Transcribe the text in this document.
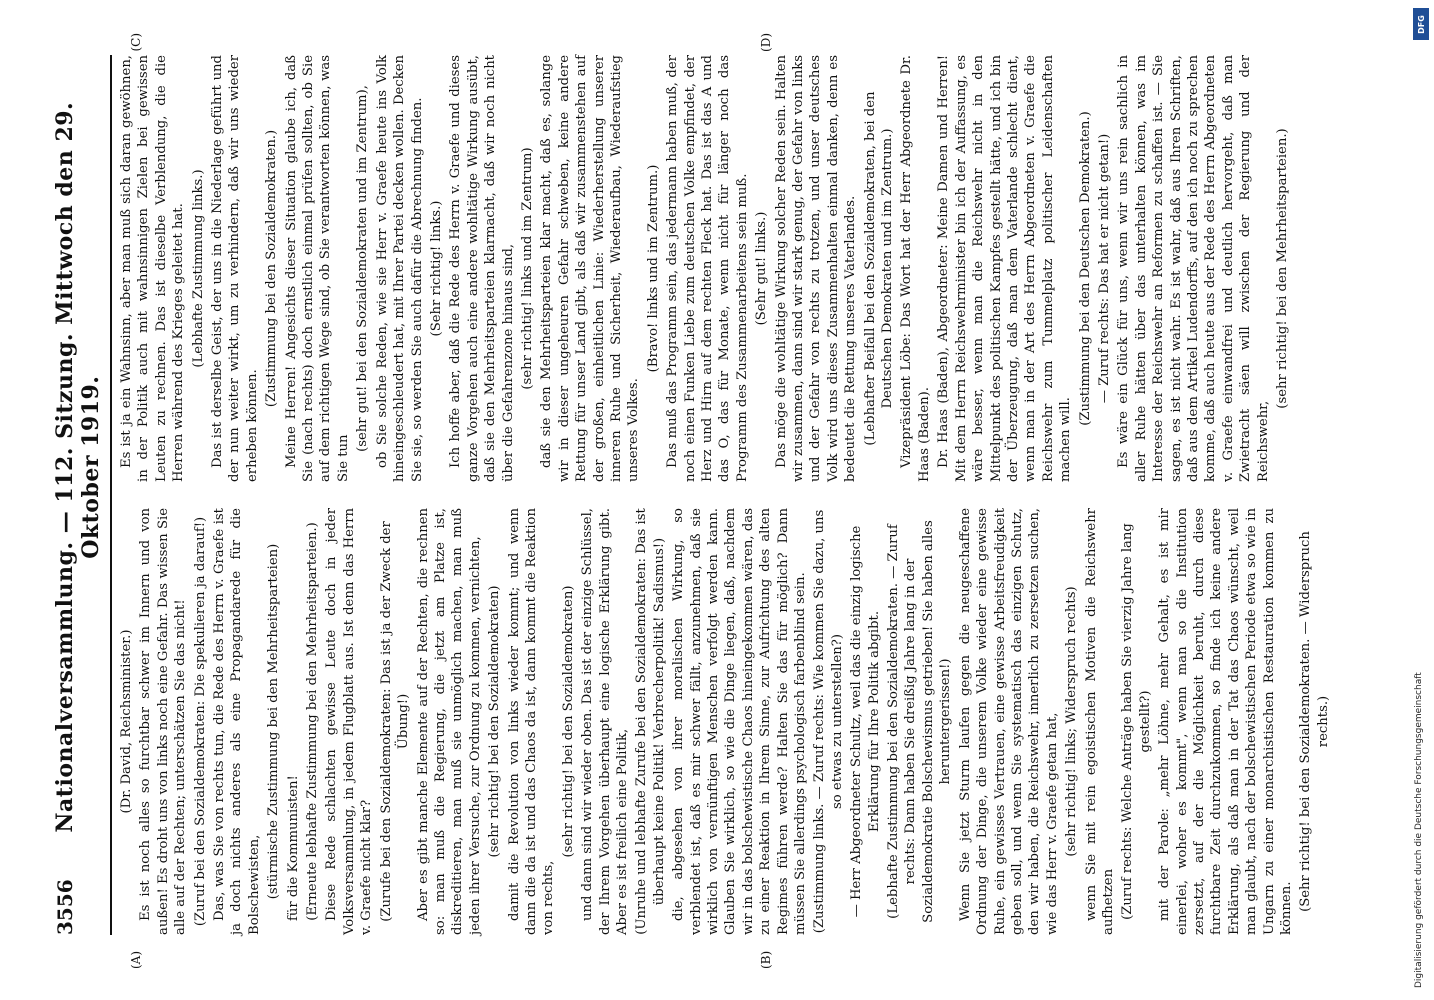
3556
Nationalversammlung. — 112. Sitzung. Mittwoch den 29. Oktober 1919.
(A)	(B)

(Dr. David, Reichsminister.) Es ist noch alles so furchtbar schwer im Innern und von außen! Es droht uns von links noch eine Gefahr. Das wissen Sie alle auf der Rechten; unterschätzen Sie das nicht! (Zuruf bei den Sozialdemokraten: Die spekulieren ja darauf!) Das, was Sie von rechts tun, die Rede des Herrn v. Graefe ist ja doch nichts anderes als eine Propagandarede für die Bolschewisten, (stürmische Zustimmung bei den Mehrheitsparteien) für die Kommunisten! (Erneute lebhafte Zustimmung bei den Mehrheitsparteien.) Diese Rede schlachten gewisse Leute doch in jeder Volksversammlung, in jedem Flugblatt aus. Ist denn das Herrn v. Graefe nicht klar? (Zurufe bei den Sozialdemokraten: Das ist ja der Zweck der Übung!) Aber es gibt manche Elemente auf der Rechten, die rechnen so: man muß die Regierung, die jetzt am Platze ist, diskreditieren, man muß sie unmöglich machen, man muß jeden ihrer Versuche, zur Ordnung zu kommen, vernichten, (sehr richtig! bei den Sozialdemokraten) damit die Revolution von links wieder kommt; und wenn dann die da ist und das Chaos da ist, dann kommt die Reaktion von rechts,

(sehr richtig! bei den Sozialdemokraten) und dann sind wir wieder oben. Das ist der einzige Schlüssel, der Ihrem Vorgehen überhaupt eine logische Erklärung gibt. Aber es ist freilich eine Politik, (Unruhe und lebhafte Zurufe bei den Sozialdemokraten: Das ist überhaupt keine Politik! Verbrecherpolitik! Sadismus!) die, abgesehen von ihrer moralischen Wirkung, so verblendet ist, daß es mir schwer fällt, anzunehmen, daß sie wirklich von vernünftigen Menschen verfolgt werden kann. Glauben Sie wirklich, so wie die Dinge liegen, daß, nachdem wir in das bolschewistische Chaos hineingekommen wären, das zu einer Reaktion in Ihrem Sinne, zur Aufrichtung des alten Regimes führen werde? Halten Sie das für möglich? Dann müssen Sie allerdings psychologisch farbenblind sein. (Zustimmung links. — Zuruf rechts: Wie kommen Sie dazu, uns so etwas zu unterstellen?) — Herr Abgeordneter Schultz, weil das die einzig logische Erklärung für Ihre Politik abgibt. (Lebhafte Zustimmung bei den Sozialdemokraten. — Zuruf rechts: Dann haben Sie dreißig Jahre lang in der Sozialdemokratie Bolschewismus getrieben! Sie haben alles heruntergerissen!) Wenn Sie jetzt Sturm laufen gegen die neugeschaffene Ordnung der Dinge, die unserem Volke wieder eine gewisse Ruhe, ein gewisses Vertrauen, eine gewisse Arbeitsfreudigkeit geben soll, und wenn Sie systematisch das einzigen Schutz, den wir haben, die Reichswehr, innerlich zu zersetzen suchen, wie das Herr v. Graefe getan hat, (sehr richtig! links; Widerspruch rechts) wenn Sie mit rein egoistischen Motiven die Reichswehr aufhetzen (Zuruf rechts: Welche Anträge haben Sie vierzig Jahre lang gestellt?) mit der Parole: „mehr Löhne, mehr Gehalt, es ist mir einerlei, woher es kommt", wenn man so die Institution zersetzt, auf der die Möglichkeit beruht, durch diese furchtbare Zeit durchzukommen, so finde ich keine andere Erklärung, als daß man in der Tat das Chaos wünscht, weil man glaubt, nach der bolschewistischen Periode etwa so wie in Ungarn zu einer monarchistischen Restauration kommen zu können. (Sehr richtig! bei den Sozialdemokraten. — Widerspruch rechts.)

(C)	(D)

Es ist ja ein Wahnsinn, aber man muß sich daran gewöhnen, in der Politik auch mit wahnsinnigen Zielen bei gewissen Leuten zu rechnen. Das ist dieselbe Verblendung, die die Herren während des Krieges geleitet hat. (Lebhafte Zustimmung links.) Das ist derselbe Geist, der uns in die Niederlage geführt und der nun weiter wirkt, um zu verhindern, daß wir uns wieder erheben können.

(Zustimmung bei den Sozialdemokraten.) Meine Herren! Angesichts dieser Situation glaube ich, daß Sie (nach rechts) doch ernstlich einmal prüfen sollten, ob Sie auf dem richtigen Wege sind, ob Sie verantworten können, was Sie tun

(sehr gut! bei den Sozialdemokraten und im Zentrum), ob Sie solche Reden, wie sie Herr v. Graefe heute ins Volk hineingeschleudert hat, mit Ihrer Partei decken wollen. Decken Sie sie, so werden Sie auch dafür die Abrechnung finden. (Sehr richtig! links.) Ich hoffe aber, daß die Rede des Herrn v. Graefe und dieses ganze Vorgehen auch eine andere wohltätige Wirkung ausübt, daß sie den Mehrheitsparteien klarmacht, daß wir noch nicht über die Gefahrenzone hinaus sind, (sehr richtig! links und im Zentrum) daß sie den Mehrheitsparteien klar macht, daß es, solange wir in dieser ungeheuren Gefahr schweben, keine andere Rettung für unser Land gibt, als daß wir zusammenstehen auf der großen, einheitlichen Linie: Wiederherstellung unserer inneren Ruhe und Sicherheit, Wiederaufbau, Wiederaufstieg unseres Volkes.

(Bravo! links und im Zentrum.) Das muß das Programm sein, das jedermann haben muß, der noch einen Funken Liebe zum deutschen Volke empfindet, der Herz und Hirn auf dem rechten Fleck hat. Das ist das A und das O, das für Monate, wenn nicht für länger noch das Programm des Zusammenarbeitens sein muß. (Sehr gut! links.) Das möge die wohltätige Wirkung solcher Reden sein. Halten wir zusammen, dann sind wir stark genug, der Gefahr von links und der Gefahr von rechts zu trotzen, und unser deutsches Volk wird uns dieses Zusammenhalten einmal danken, denn es bedeutet die Rettung unseres Vaterlandes. (Lebhafter Beifall bei den Sozialdemokraten, bei den Deutschen Demokraten und im Zentrum.) Vizepräsident Löbe: Das Wort hat der Herr Abgeordnete Dr. Haas (Baden). Dr. Haas (Baden), Abgeordneter: Meine Damen und Herren! Mit dem Herrn Reichswehrminister bin ich der Auffassung, es wäre besser, wenn man die Reichswehr nicht in den Mittelpunkt des politischen Kampfes gestellt hätte, und ich bin der Überzeugung, daß man dem Vaterlande schlecht dient, wenn man in der Art des Herrn Abgeordneten v. Graefe die Reichswehr zum Tummelplatz politischer Leidenschaften machen will.

(Zustimmung bei den Deutschen Demokraten.) — Zuruf rechts: Das hat er nicht getan!) Es wäre ein Glück für uns, wenn wir uns rein sachlich in aller Ruhe hätten über das unterhalten können, was im Interesse der Reichswehr an Reformen zu schaffen ist. — Sie sagen, es ist nicht wahr. Es ist wahr, daß aus Ihren Schriften, daß aus dem Artikel Ludendorffs, auf den ich noch zu sprechen komme, daß auch heute aus der Rede des Herrn Abgeordneten v. Graefe einwandfrei und deutlich hervorgeht, daß man Zwietracht säen will zwischen der Regierung und der Reichswehr,

(sehr richtig! bei den Mehrheitsparteien.)

DFG
Digitalisierung gefördert durch die Deutsche Forschungsgemeinschaft
